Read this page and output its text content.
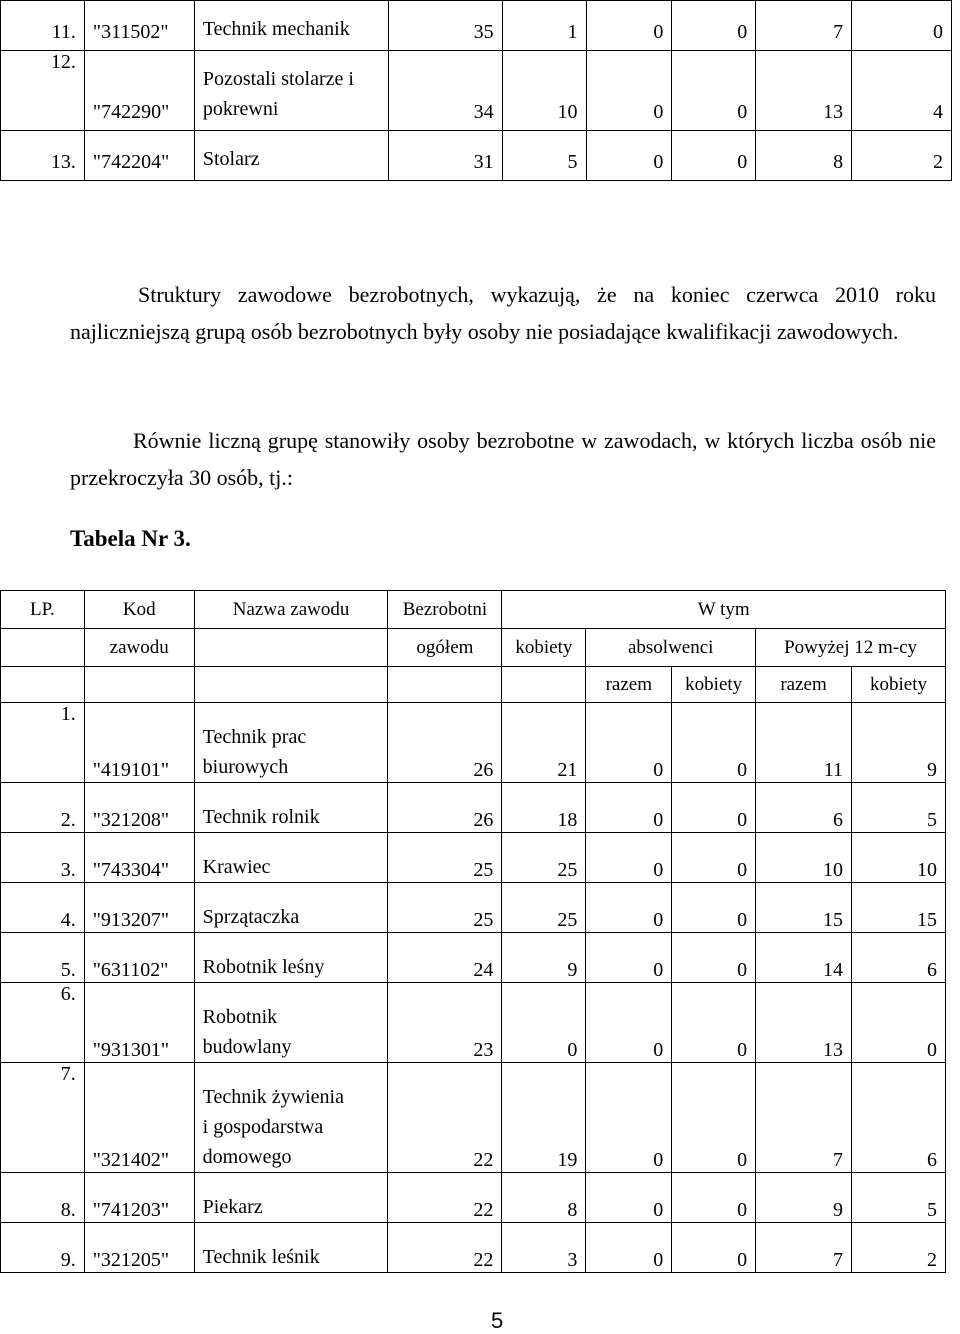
11.	"311502"	Technik mechanik	35	1	0	0	7	0
12.	"742290"	Pozostali stolarze i
pokrewni	34	10	0	0	13	4
13.	"742204"	Stolarz	31	5	0	0	8	2
Struktury zawodowe bezrobotnych, wykazują, że na koniec czerwca 2010 roku najliczniejszą grupą osób bezrobotnych były osoby nie posiadające kwalifikacji zawodowych.
Równie liczną grupę stanowiły osoby bezrobotne w zawodach, w których liczba osób nie przekroczyła 30 osób, tj.:
Tabela Nr 3.
LP.	Kod	Nazwa zawodu	Bezrobotni	W tym				
	zawodu		ogółem	kobiety	absolwenci		Powyżej 12 m-cy	
					razem	kobiety	razem	kobiety
1.	"419101"	Technik prac
biurowych	26	21	0	0	11	9
2.	"321208"	Technik rolnik	26	18	0	0	6	5
3.	"743304"	Krawiec	25	25	0	0	10	10
4.	"913207"	Sprzątaczka	25	25	0	0	15	15
5.	"631102"	Robotnik leśny	24	9	0	0	14	6
6.	"931301"	Robotnik
budowlany	23	0	0	0	13	0
7.	"321402"	Technik żywienia
i gospodarstwa
domowego	22	19	0	0	7	6
8.	"741203"	Piekarz	22	8	0	0	9	5
9.	"321205"	Technik leśnik	22	3	0	0	7	2
5
